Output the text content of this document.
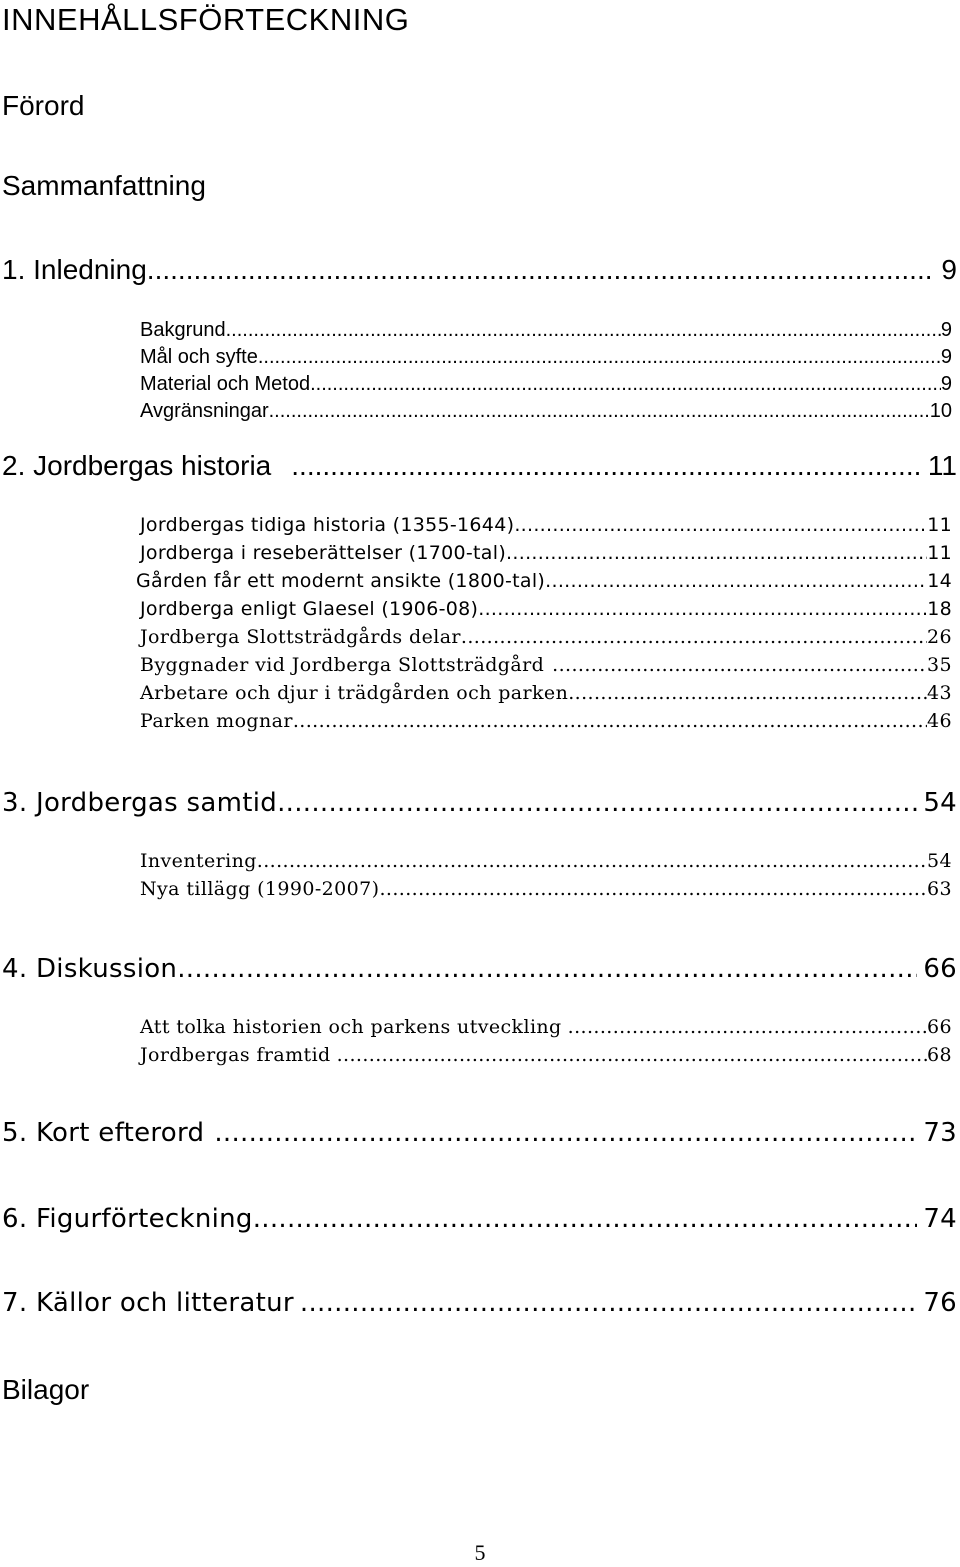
INNEHÅLLSFÖRTECKNING
Förord
Sammanfattning
1. Inledning .....	9
Bakgrund .....	9
Mål och syfte .....	9
Material och Metod .....	9
Avgränsningar .....	10
2. Jordbergas historia .....	11
Jordbergas tidiga historia (1355-1644) .....	11
Jordberga i reseberättelser (1700-tal) .....	11
Gården får ett modernt ansikte (1800-tal) .....	14
Jordberga enligt Glaesel (1906-08) .....	18
Jordberga Slottsträdgårds delar .....	26
Byggnader vid Jordberga Slottsträdgård .....	35
Arbetare och djur i trädgården och parken .....	43
Parken mognar .....	46
3. Jordbergas samtid .....	54
Inventering .....	54
Nya tillägg (1990-2007) .....	63
4. Diskussion .....	66
Att tolka historien och parkens utveckling .....	66
Jordbergas framtid .....	68
5. Kort efterord .....	73
6. Figurförteckning .....	74
7. Källor och litteratur .....	76
Bilagor
5
